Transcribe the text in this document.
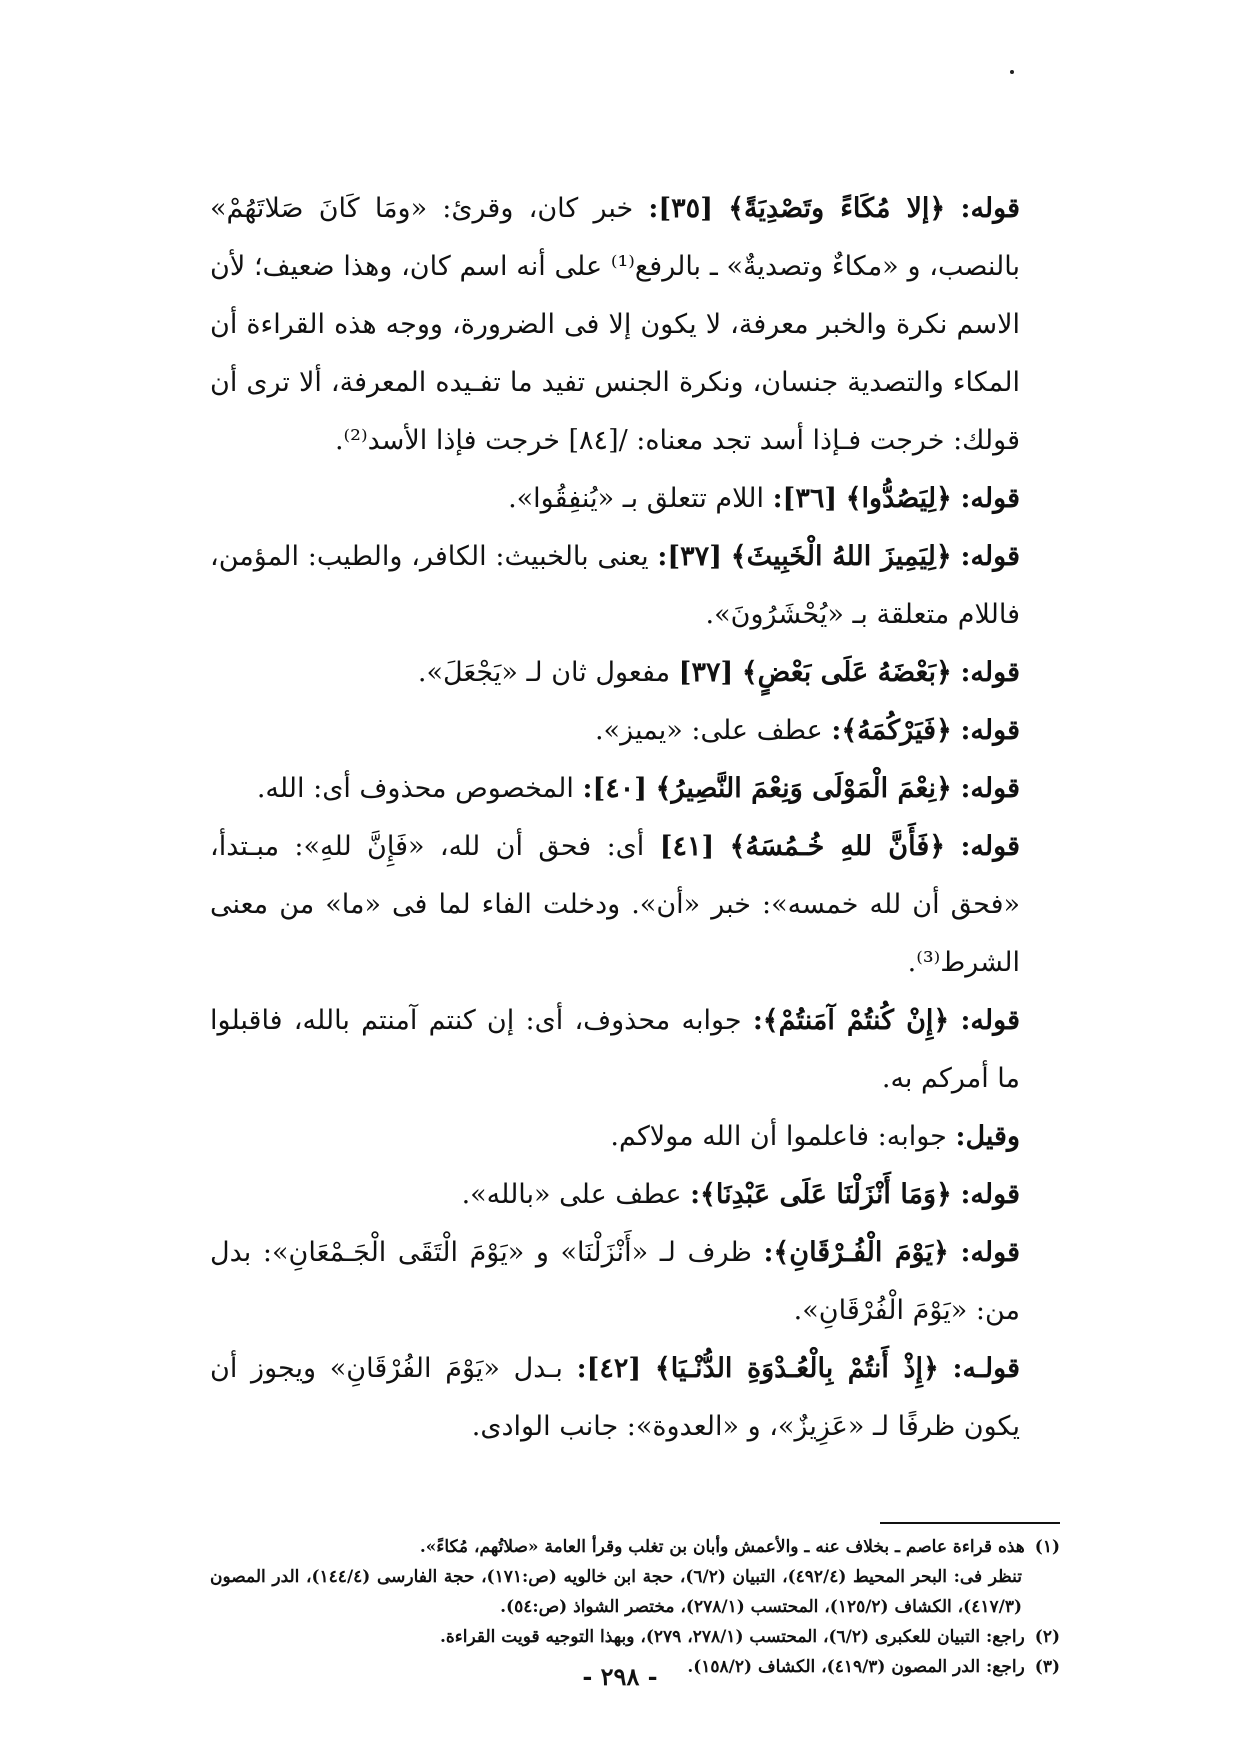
قوله: ﴿إلا مُكَاءً وتَصْدِيَةً﴾ [٣٥]: خبر كان، وقرئ: «ومَا كَانَ صَلاتَهُمْ» بالنصب، و «مكاءٌ وتصديةٌ» ـ بالرفع⁽¹⁾ على أنه اسم كان، وهذا ضعيف؛ لأن الاسم نكرة والخبر معرفة، لا يكون إلا فى الضرورة، ووجه هذه القراءة أن المكاء والتصدية جنسان، ونكرة الجنس تفيد ما تفـيده المعرفة، ألا ترى أن قولك: خرجت فـإذا أسد تجد معناه: /[٨٤] خرجت فإذا الأسد⁽²⁾.

قوله: ﴿لِيَصُدُّوا﴾ [٣٦]: اللام تتعلق بـ «يُنفِقُوا».

قوله: ﴿لِيَمِيزَ اللهُ الْخَبِيثَ﴾ [٣٧]: يعنى بالخبيث: الكافر، والطيب: المؤمن، فاللام متعلقة بـ «يُحْشَرُونَ».

قوله: ﴿بَعْضَهُ عَلَى بَعْضٍ﴾ [٣٧] مفعول ثان لـ «يَجْعَلَ».

قوله: ﴿فَيَرْكُمَهُ﴾: عطف على: «يميز».

قوله: ﴿نِعْمَ الْمَوْلَى وَنِعْمَ النَّصِيرُ﴾ [٤٠]: المخصوص محذوف أى: الله.

قوله: ﴿فَأَنَّ للهِ خُـمُسَهُ﴾ [٤١] أى: فحق أن لله، «فَإِنَّ للهِ»: مبـتدأ، «فحق أن لله خمسه»: خبر «أن». ودخلت الفاء لما فى «ما» من معنى الشرط⁽³⁾.

قوله: ﴿إِنْ كُنتُمْ آمَنتُمْ﴾: جوابه محذوف، أى: إن كنتم آمنتم بالله، فاقبلوا ما أمركم به.

وقيل: جوابه: فاعلموا أن الله مولاكم.

قوله: ﴿وَمَا أَنْزَلْنَا عَلَى عَبْدِنَا﴾: عطف على «بالله».

قوله: ﴿يَوْمَ الْفُـرْقَانِ﴾: ظرف لـ «أَنْزَلْنَا» و «يَوْمَ الْتَقَى الْجَـمْعَانِ»: بدل من: «يَوْمَ الْفُرْقَانِ».

قولـه: ﴿إِذْ أَنتُمْ بِالْعُـدْوَةِ الدُّنْـيَا﴾ [٤٢]: بـدل «يَوْمَ الفُرْقَانِ» ويجوز أن يكون ظرفًا لـ «عَزِيزٌ»، و «العدوة»: جانب الوادى.

(١)هذه قراءة عاصم ـ بخلاف عنه ـ والأعمش وأبان بن تغلب وقرأ العامة «صلاتُهم، مُكاءً».

تنظر فى: البحر المحيط (٤٩٢/٤)، التبيان (٦/٢)، حجة ابن خالويه (ص:١٧١)، حجة الفارسى (١٤٤/٤)، الدر المصون (٤١٧/٣)، الكشاف (١٢٥/٢)، المحتسب (٢٧٨/١)، مختصر الشواذ (ص:٥٤).

(٢)راجع: التبيان للعكبرى (٦/٢)، المحتسب (٢٧٨/١، ٢٧٩)، وبهذا التوجيه قويت القراءة.

(٣)راجع: الدر المصون (٤١٩/٣)، الكشاف (١٥٨/٢).

- ٢٩٨ -
